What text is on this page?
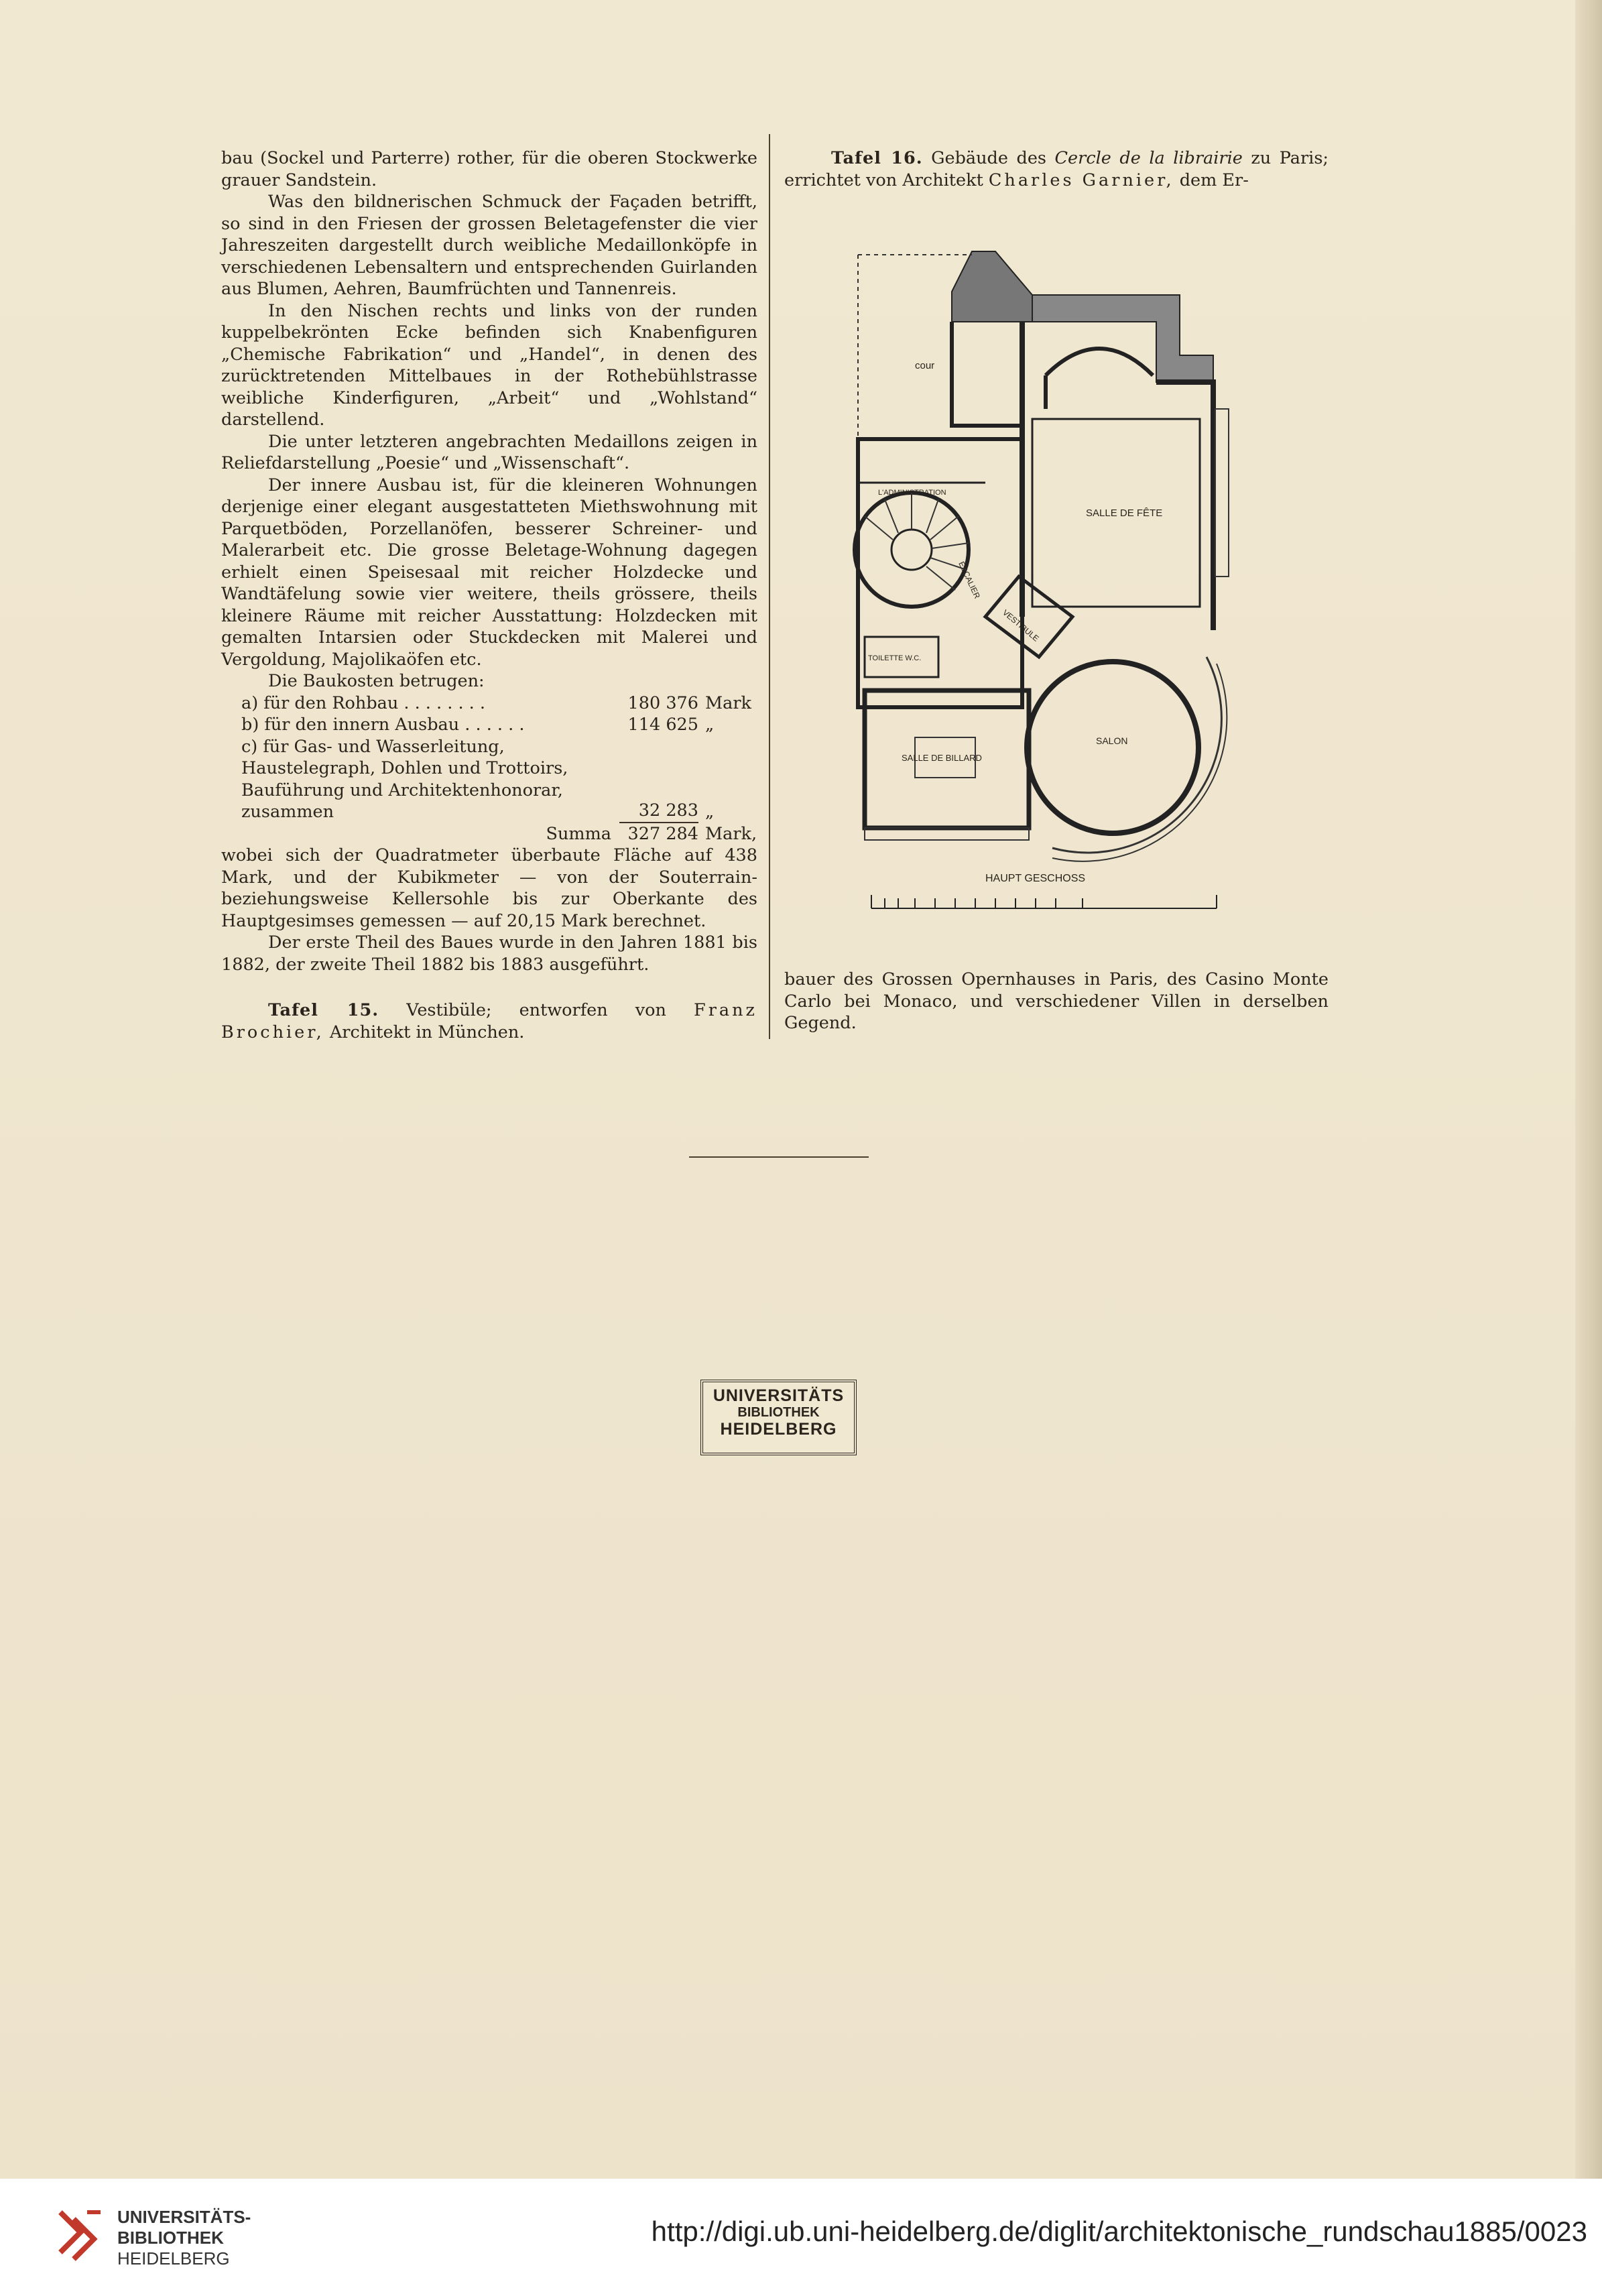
bau (Sockel und Parterre) rother, für die oberen Stockwerke grauer Sandstein.

Was den bildnerischen Schmuck der Façaden betrifft, so sind in den Friesen der grossen Beletagefenster die vier Jahreszeiten dargestellt durch weibliche Medaillonköpfe in verschiedenen Lebensaltern und entsprechenden Guirlanden aus Blumen, Aehren, Baumfrüchten und Tannenreis.

In den Nischen rechts und links von der runden kuppelbekrönten Ecke befinden sich Knabenfiguren „Chemische Fabrikation“ und „Handel“, in denen des zurücktretenden Mittelbaues in der Rothebühlstrasse weibliche Kinderfiguren, „Arbeit“ und „Wohlstand“ darstellend.

Die unter letzteren angebrachten Medaillons zeigen in Reliefdarstellung „Poesie“ und „Wissenschaft“.

Der innere Ausbau ist, für die kleineren Wohnungen derjenige einer elegant ausgestatteten Miethswohnung mit Parquetböden, Porzellanöfen, besserer Schreiner- und Malerarbeit etc. Die grosse Beletage-Wohnung dagegen erhielt einen Speisesaal mit reicher Holzdecke und Wandtäfelung sowie vier weitere, theils grössere, theils kleinere Räume mit reicher Ausstattung: Holzdecken mit gemalten Intarsien oder Stuckdecken mit Malerei und Vergoldung, Majolikaöfen etc.

Die Baukosten betrugen:

a) für den Rohbau . . . . . . . .	180 376 Mark
b) für den innern Ausbau . . . . . .	114 625 „
c) für Gas- und Wasserleitung, Haustelegraph, Dohlen und Trottoirs, Bauführung und Architektenhonorar, zusammen	32 283 „
Summa 327 284 Mark,

wobei sich der Quadratmeter überbaute Fläche auf 438 Mark, und der Kubikmeter — von der Souterrain- beziehungsweise Kellersohle bis zur Oberkante des Hauptgesimses gemessen — auf 20,15 Mark berechnet.

Der erste Theil des Baues wurde in den Jahren 1881 bis 1882, der zweite Theil 1882 bis 1883 ausgeführt.

Tafel 15. Vestibüle; entworfen von Franz Brochier, Architekt in München.

Tafel 16. Gebäude des Cercle de la librairie zu Paris; errichtet von Architekt Charles Garnier, dem Er-

cour
SALLE DE FÊTE
L'ADMINISTRATION
ESCALIER
VESTIBULE
TOILETTE W.C.
SALLE DE BILLARD
SALON
HAUPT GESCHOSS

bauer des Grossen Opernhauses in Paris, des Casino Monte Carlo bei Monaco, und verschiedener Villen in derselben Gegend.

UNIVERSITÄTS
BIBLIOTHEK
HEIDELBERG
UNIVERSITÄTS-
BIBLIOTHEK
HEIDELBERG
http://digi.ub.uni-heidelberg.de/diglit/architektonische_rundschau1885/0023
